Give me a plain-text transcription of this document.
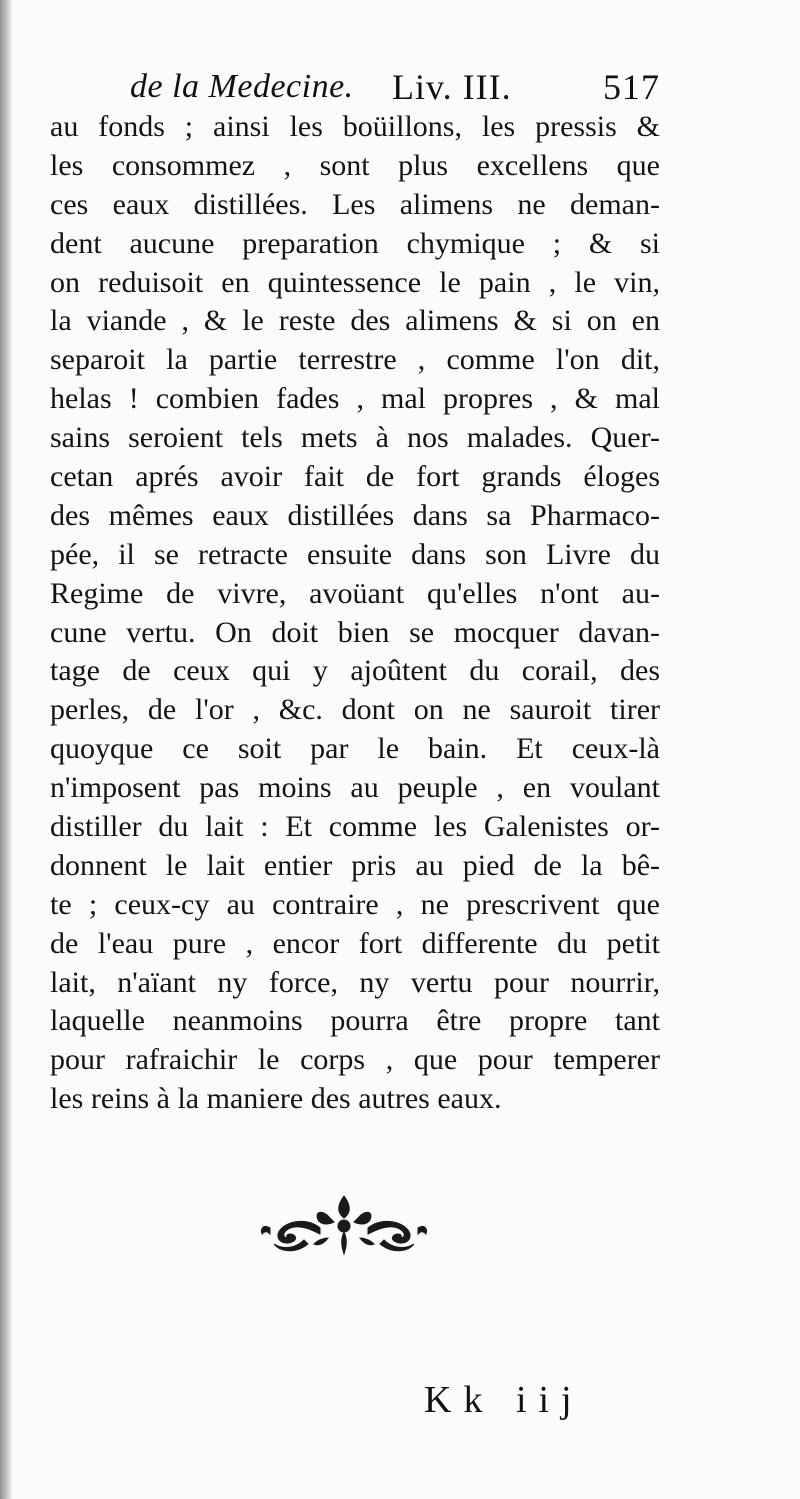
de la Medecine. Liv. III.	517
au fonds ; ainsi les boüillons, les pressis &
les consommez , sont plus excellens que
ces eaux distillées. Les alimens ne deman-
dent aucune preparation chymique ; & si
on reduisoit en quintessence le pain , le vin,
la viande , & le reste des alimens & si on en
separoit la partie terrestre , comme l'on dit,
helas ! combien fades , mal propres , & mal
sains seroient tels mets à nos malades. Quer-
cetan aprés avoir fait de fort grands éloges
des mêmes eaux distillées dans sa Pharmaco-
pée, il se retracte ensuite dans son Livre du
Regime de vivre, avoüant qu'elles n'ont au-
cune vertu. On doit bien se mocquer davan-
tage de ceux qui y ajoûtent du corail, des
perles, de l'or , &c. dont on ne sauroit tirer
quoyque ce soit par le bain. Et ceux-là
n'imposent pas moins au peuple , en voulant
distiller du lait : Et comme les Galenistes or-
donnent le lait entier pris au pied de la bê-
te ; ceux-cy au contraire , ne prescrivent que
de l'eau pure , encor fort differente du petit
lait, n'aïant ny force, ny vertu pour nourrir,
laquelle neanmoins pourra être propre tant
pour rafraichir le corps , que pour temperer
les reins à la maniere des autres eaux.
Kk iij
